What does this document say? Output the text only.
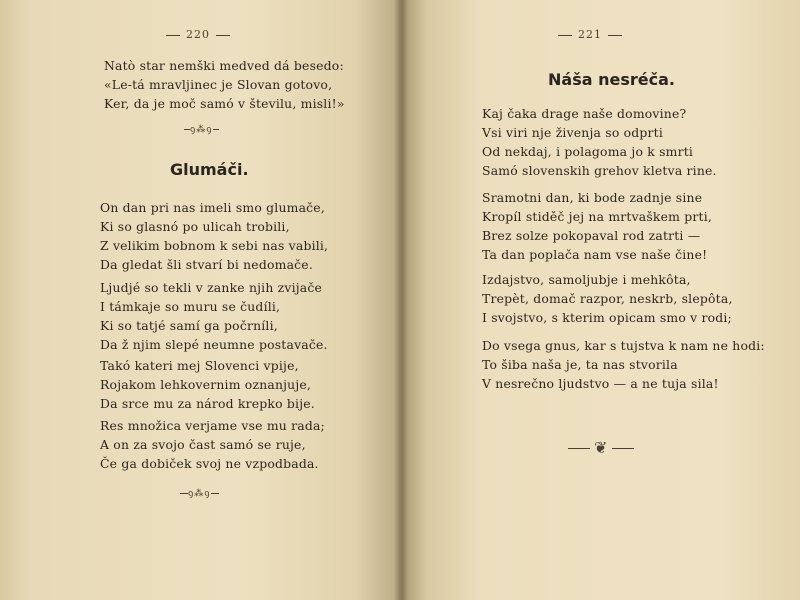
220
Natò star nemški medved dá besedo:
«Le-tá mravljinec je Slovan gotovo,
Ker, da je moč samó v številu, misli!»
ꝯ⁂ꝯ
Glumáči.
On dan pri nas imeli smo glumače,
Ki so glasnó po ulicah trobili,
Z velikim bobnom k sebi nas vabili,
Da gledat šli stvarí bi nedomače.
Ljudjé so tekli v zanke njih zvijače
I támkaje so muru se čudíli,
Ki so tatjé samí ga počrníli,
Da ž njim slepé neumne postavače.
Takó kateri mej Slovenci vpije,
Rojakom lehkovernim oznanjuje,
Da srce mu za národ krepko bije.
Res množica verjame vse mu rada;
A on za svojo čast samó se ruje,
Če ga dobiček svoj ne vzpodbada.
ꝯ⁂ꝯ
221
Náša nesréča.
Kaj čaka drage naše domovine?
Vsi viri nje živenja so odprti
Od nekdaj, i polagoma jo k smrti
Samó slovenskih grehov kletva rine.
Sramotni dan, ki bode zadnje sine
Kropíl stiděč jej na mrtvaškem prti,
Brez solze pokopaval rod zatrti —
Ta dan poplača nam vse naše čine!
Izdajstvo, samoljubje i mehkôta,
Trepèt, domač razpor, neskrb, slepôta,
I svojstvo, s kterim opicam smo v rodi;
Do vsega gnus, kar s tujstva k nam ne hodi:
To šiba naša je, ta nas stvorila
V nesrečno ljudstvo — a ne tuja sila!
❦
